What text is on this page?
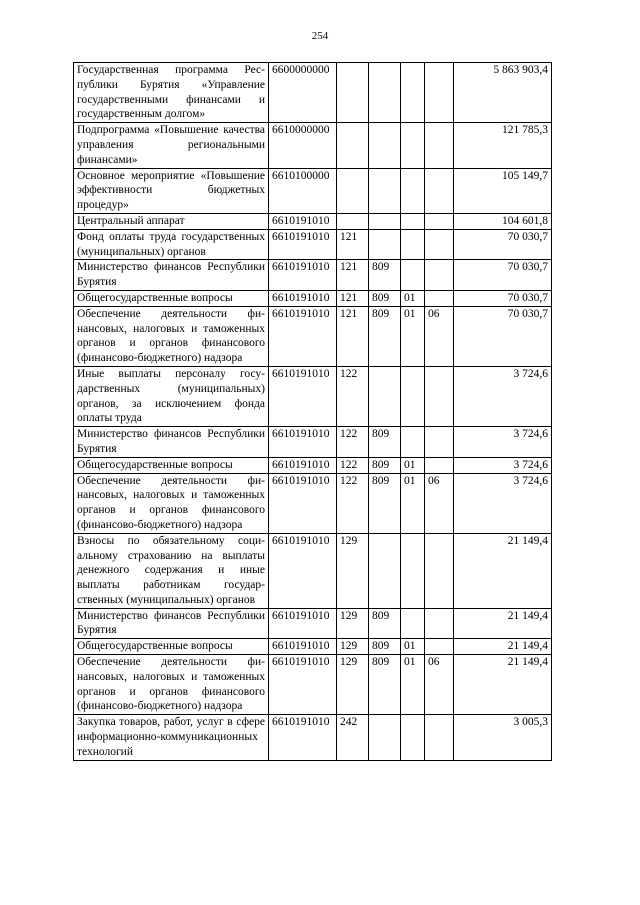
254
Государственная программа Республики Бурятия «Управление государственными финансами и государственным долгом»	6600000000					5 863 903,4
Подпрограмма «Повышение качества управления региональными финансами»	6610000000					121 785,3
Основное мероприятие «Повышение эффективности бюджетных процедур»	6610100000					105 149,7
Центральный аппарат	6610191010					104 601,8
Фонд оплаты труда государственных (муниципальных) органов	6610191010	121				70 030,7
Министерство финансов Республики Бурятия	6610191010	121	809			70 030,7
Общегосударственные вопросы	6610191010	121	809	01		70 030,7
Обеспечение деятельности финансовых, налоговых и таможенных органов и органов финансового (финансово-бюджетного) надзора	6610191010	121	809	01	06	70 030,7
Иные выплаты персоналу государственных (муниципальных) органов, за исключением фонда оплаты труда	6610191010	122				3 724,6
Министерство финансов Республики Бурятия	6610191010	122	809			3 724,6
Общегосударственные вопросы	6610191010	122	809	01		3 724,6
Обеспечение деятельности финансовых, налоговых и таможенных органов и органов финансового (финансово-бюджетного) надзора	6610191010	122	809	01	06	3 724,6
Взносы по обязательному социальному страхованию на выплаты денежного содержания и иные выплаты работникам государственных (муниципальных) органов	6610191010	129				21 149,4
Министерство финансов Республики Бурятия	6610191010	129	809			21 149,4
Общегосударственные вопросы	6610191010	129	809	01		21 149,4
Обеспечение деятельности финансовых, налоговых и таможенных органов и органов финансового (финансово-бюджетного) надзора	6610191010	129	809	01	06	21 149,4
Закупка товаров, работ, услуг в сфере информационно-коммуникационных технологий	6610191010	242				3 005,3
